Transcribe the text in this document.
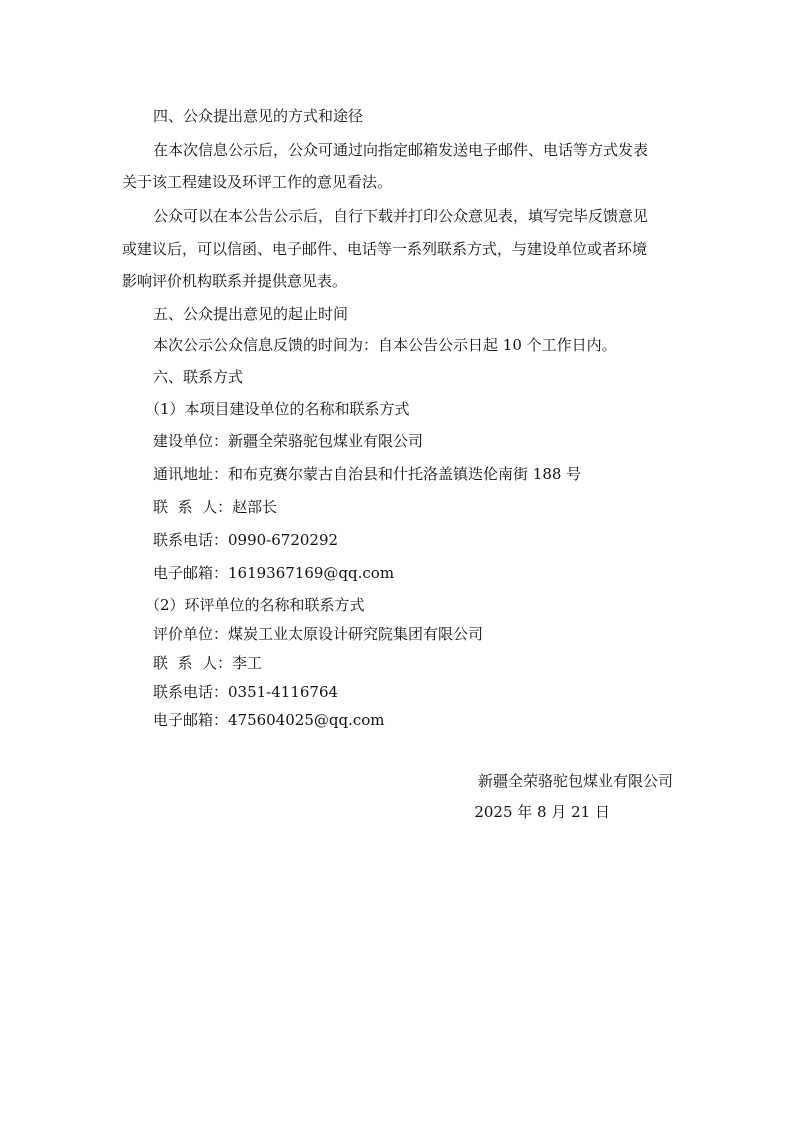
四、公众提出意见的方式和途径
在本次信息公示后，公众可通过向指定邮箱发送电子邮件、电话等方式发表
关于该工程建设及环评工作的意见看法。
公众可以在本公告公示后，自行下载并打印公众意见表，填写完毕反馈意见
或建议后，可以信函、电子邮件、电话等一系列联系方式，与建设单位或者环境
影响评价机构联系并提供意见表。
五、公众提出意见的起止时间
本次公示公众信息反馈的时间为：自本公告公示日起 10 个工作日内。
六、联系方式
（1）本项目建设单位的名称和联系方式
建设单位：新疆全荣骆驼包煤业有限公司
通讯地址：和布克赛尔蒙古自治县和什托洛盖镇迭伦南街 188 号
联  系  人：赵部长
联系电话：0990-6720292
电子邮箱：1619367169@qq.com
（2）环评单位的名称和联系方式
评价单位：煤炭工业太原设计研究院集团有限公司
联  系  人：李工
联系电话：0351-4116764
电子邮箱：475604025@qq.com
新疆全荣骆驼包煤业有限公司
2025 年 8 月 21 日
